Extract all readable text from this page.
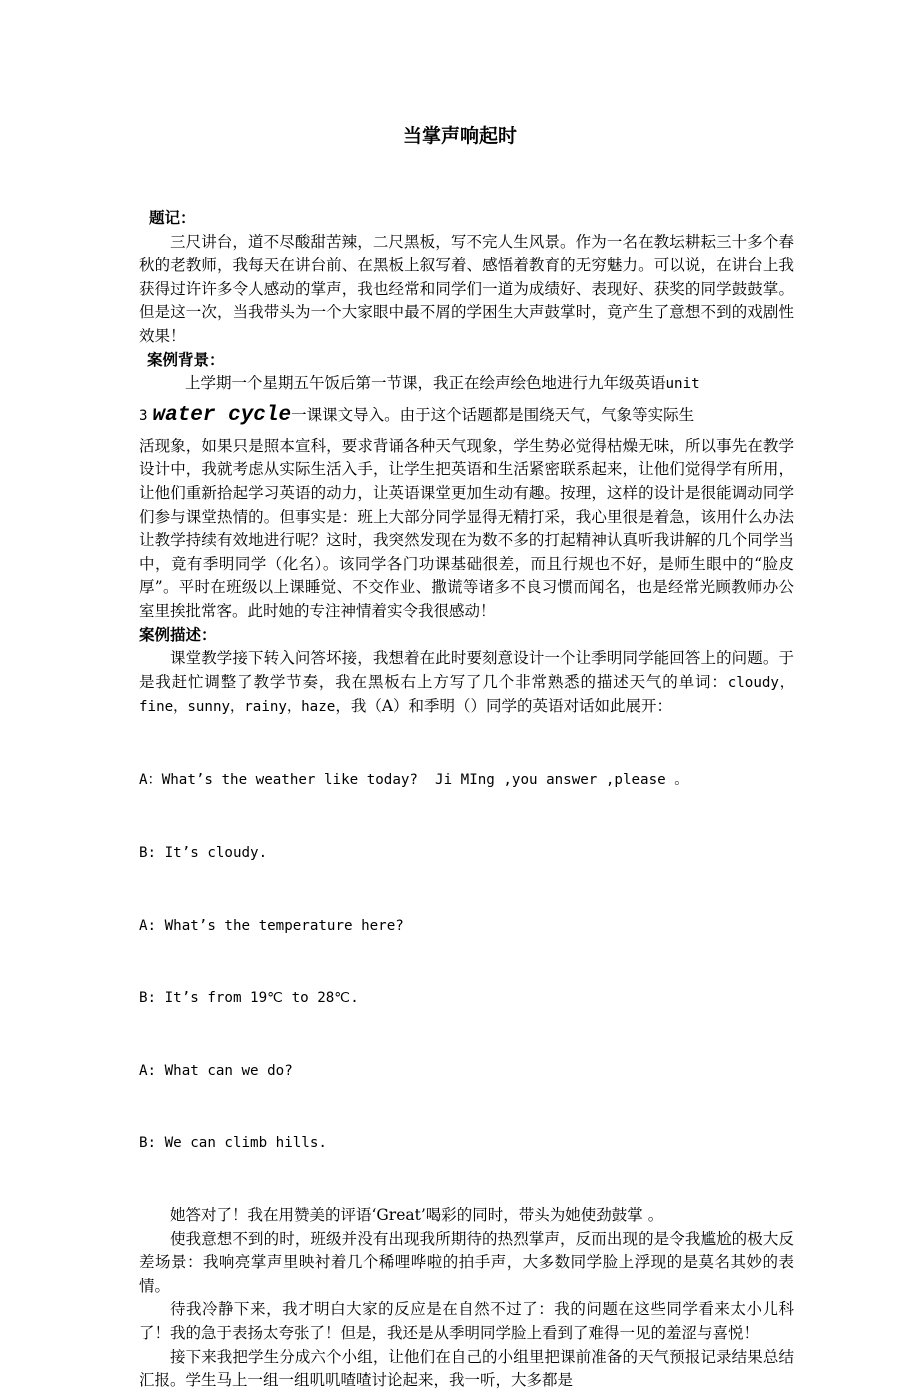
当掌声响起时

题记：

三尺讲台，道不尽酸甜苦辣，二尺黑板，写不完人生风景。作为一名在教坛耕耘三十多个春秋的老教师，我每天在讲台前、在黑板上叙写着、感悟着教育的无穷魅力。可以说，在讲台上我获得过许许多令人感动的掌声，我也经常和同学们一道为成绩好、表现好、获奖的同学鼓鼓掌。但是这一次，当我带头为一个大家眼中最不屑的学困生大声鼓掌时，竟产生了意想不到的戏剧性效果！

案例背景：

上学期一个星期五午饭后第一节课，我正在绘声绘色地进行九年级英语unit

3 water cycle一课课文导入。由于这个话题都是围绕天气，气象等实际生

活现象，如果只是照本宣科，要求背诵各种天气现象，学生势必觉得枯燥无味，所以事先在教学设计中，我就考虑从实际生活入手，让学生把英语和生活紧密联系起来，让他们觉得学有所用，让他们重新拾起学习英语的动力，让英语课堂更加生动有趣。按理，这样的设计是很能调动同学们参与课堂热情的。但事实是：班上大部分同学显得无精打采，我心里很是着急，该用什么办法让教学持续有效地进行呢？这时，我突然发现在为数不多的打起精神认真听我讲解的几个同学当中，竟有季明同学（化名）。该同学各门功课基础很差，而且行规也不好，是师生眼中的“脸皮厚”。平时在班级以上课睡觉、不交作业、撒谎等诸多不良习惯而闻名，也是经常光顾教师办公室里挨批常客。此时她的专注神情着实令我很感动！

案例描述：

课堂教学接下转入问答坏接，我想着在此时要刻意设计一个让季明同学能回答上的问题。于是我赶忙调整了教学节奏，我在黑板右上方写了几个非常熟悉的描述天气的单词：cloudy，fine，sunny，rainy，haze，我（A）和季明（）同学的英语对话如此展开：

A：What’s the weather like today?  Ji MIng ,you answer ,please 。

B: It’s cloudy.

A: What’s the temperature here?

B: It’s from 19℃ to 28℃.

A: What can we do?

B: We can climb hills.

她答对了！我在用赞美的评语‘Great’喝彩的同时，带头为她使劲鼓掌 。

使我意想不到的时，班级并没有出现我所期待的热烈掌声，反而出现的是令我尴尬的极大反差场景：我响亮掌声里映衬着几个稀哩哗啦的拍手声，大多数同学脸上浮现的是莫名其妙的表情。

待我冷静下来，我才明白大家的反应是在自然不过了：我的问题在这些同学看来太小儿科了！我的急于表扬太夸张了！但是，我还是从季明同学脸上看到了难得一见的羞涩与喜悦！

接下来我把学生分成六个小组，让他们在自己的小组里把课前准备的天气预报记录结果总结汇报。学生马上一组一组叽叽喳喳讨论起来，我一听，大多都是
